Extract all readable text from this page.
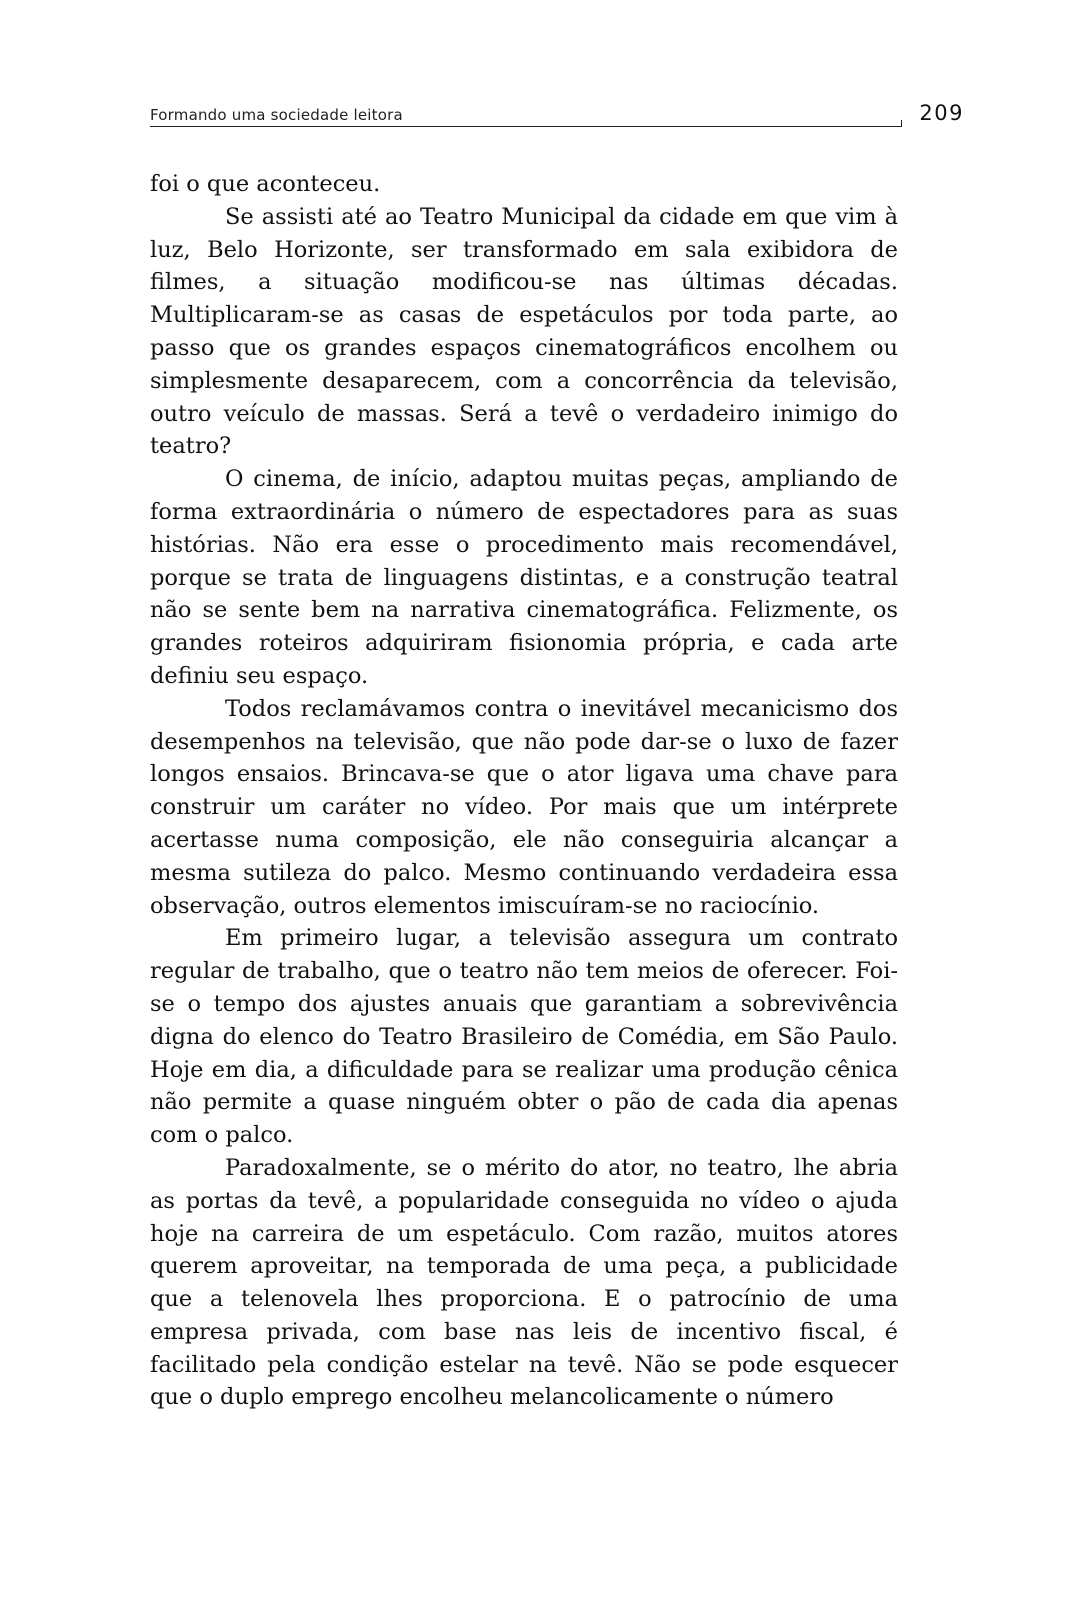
Formando uma sociedade leitora	209

foi o que aconteceu.

Se assisti até ao Teatro Municipal da cidade em que vim à luz, Belo Horizonte, ser transformado em sala exibidora de filmes, a situação modificou-se nas últimas décadas. Multiplicaram-se as casas de espetáculos por toda parte, ao passo que os grandes espaços cinematográficos encolhem ou simplesmente desaparecem, com a concorrência da televisão, outro veículo de massas. Será a tevê o verdadeiro inimigo do teatro?

O cinema, de início, adaptou muitas peças, ampliando de forma extraordinária o número de espectadores para as suas histórias. Não era esse o procedimento mais recomendável, porque se trata de linguagens distintas, e a construção teatral não se sente bem na narrativa cinematográfica. Felizmente, os grandes roteiros adquiriram fisionomia própria, e cada arte definiu seu espaço.

Todos reclamávamos contra o inevitável mecanicismo dos desempenhos na televisão, que não pode dar-se o luxo de fazer longos ensaios. Brincava-se que o ator ligava uma chave para construir um caráter no vídeo. Por mais que um intérprete acertasse numa composição, ele não conseguiria alcançar a mesma sutileza do palco. Mesmo continuando verdadeira essa observação, outros elementos imiscuíram-se no raciocínio.

Em primeiro lugar, a televisão assegura um contrato regular de trabalho, que o teatro não tem meios de oferecer. Foi-se o tempo dos ajustes anuais que garantiam a sobrevivência digna do elenco do Teatro Brasileiro de Comédia, em São Paulo. Hoje em dia, a dificuldade para se realizar uma produção cênica não permite a quase ninguém obter o pão de cada dia apenas com o palco.

Paradoxalmente, se o mérito do ator, no teatro, lhe abria as portas da tevê, a popularidade conseguida no vídeo o ajuda hoje na carreira de um espetáculo. Com razão, muitos atores querem aproveitar, na temporada de uma peça, a publicidade que a telenovela lhes proporciona. E o patrocínio de uma empresa privada, com base nas leis de incentivo fiscal, é facilitado pela condição estelar na tevê. Não se pode esquecer que o duplo emprego encolheu melancolicamente o número
